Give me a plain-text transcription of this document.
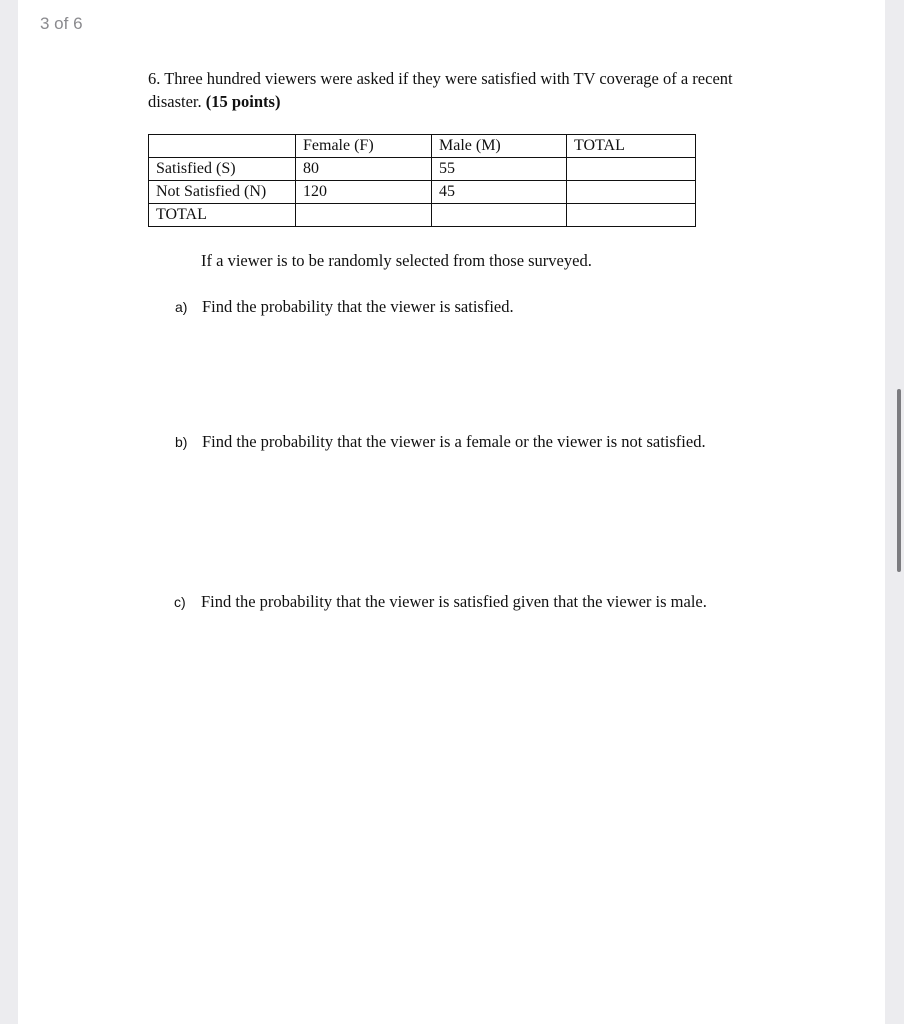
3 of 6
6. Three hundred viewers were asked if they were satisfied with TV coverage of a recent disaster. (15 points)
	Female (F)	Male (M)	TOTAL
Satisfied (S)	80	55	
Not Satisfied (N)	120	45	
TOTAL			
If a viewer is to be randomly selected from those surveyed.
a) Find the probability that the viewer is satisfied.
b) Find the probability that the viewer is a female or the viewer is not satisfied.
c) Find the probability that the viewer is satisfied given that the viewer is male.
